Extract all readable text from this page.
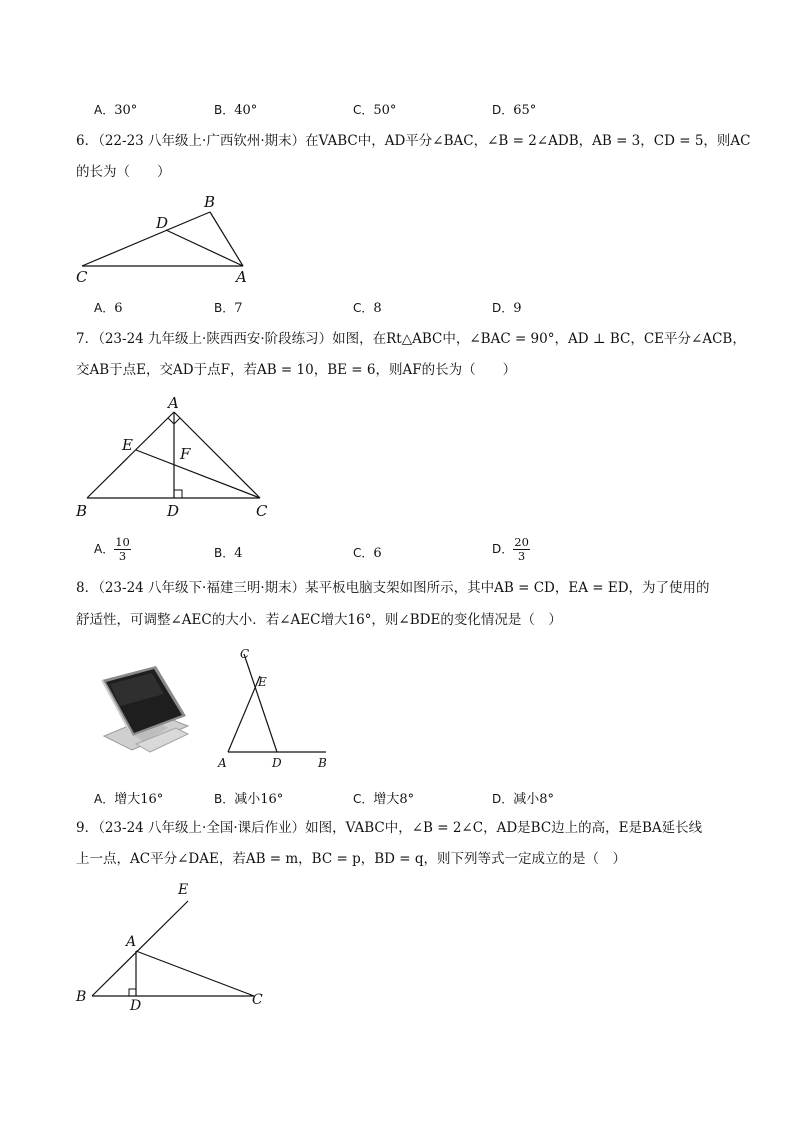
A．30°	B．40°	C．50°	D．65°
6．（22-23 八年级上·广西钦州·期末）在VABC中，AD平分∠BAC，∠B = 2∠ADB，AB = 3，CD = 5，则AC
的长为（　　）
B
D
C	A
A．6	B．7	C．8	D．9
7．（23-24 九年级上·陕西西安·阶段练习）如图，在Rt△ABC中，∠BAC = 90°，AD ⊥ BC，CE平分∠ACB，
交AB于点E，交AD于点F，若AB = 10，BE = 6，则AF的长为（　　）
A
E	F
B	D	C
A． $\frac{10}{3}$	B．4	C．6	D． $\frac{20}{3}$
8．（23-24 八年级下·福建三明·期末）某平板电脑支架如图所示，其中AB = CD，EA = ED，为了使用的
舒适性，可调整∠AEC的大小．若∠AEC增大16°，则∠BDE的变化情况是（　）
C
E
A	D	B
A．增大16°	B．减小16°	C．增大8°	D．减小8°
9．（23-24 八年级上·全国·课后作业）如图，VABC中，∠B = 2∠C，AD是BC边上的高，E是BA延长线
上一点，AC平分∠DAE，若AB = m，BC = p，BD = q，则下列等式一定成立的是（　）
E
A
B
D	C
